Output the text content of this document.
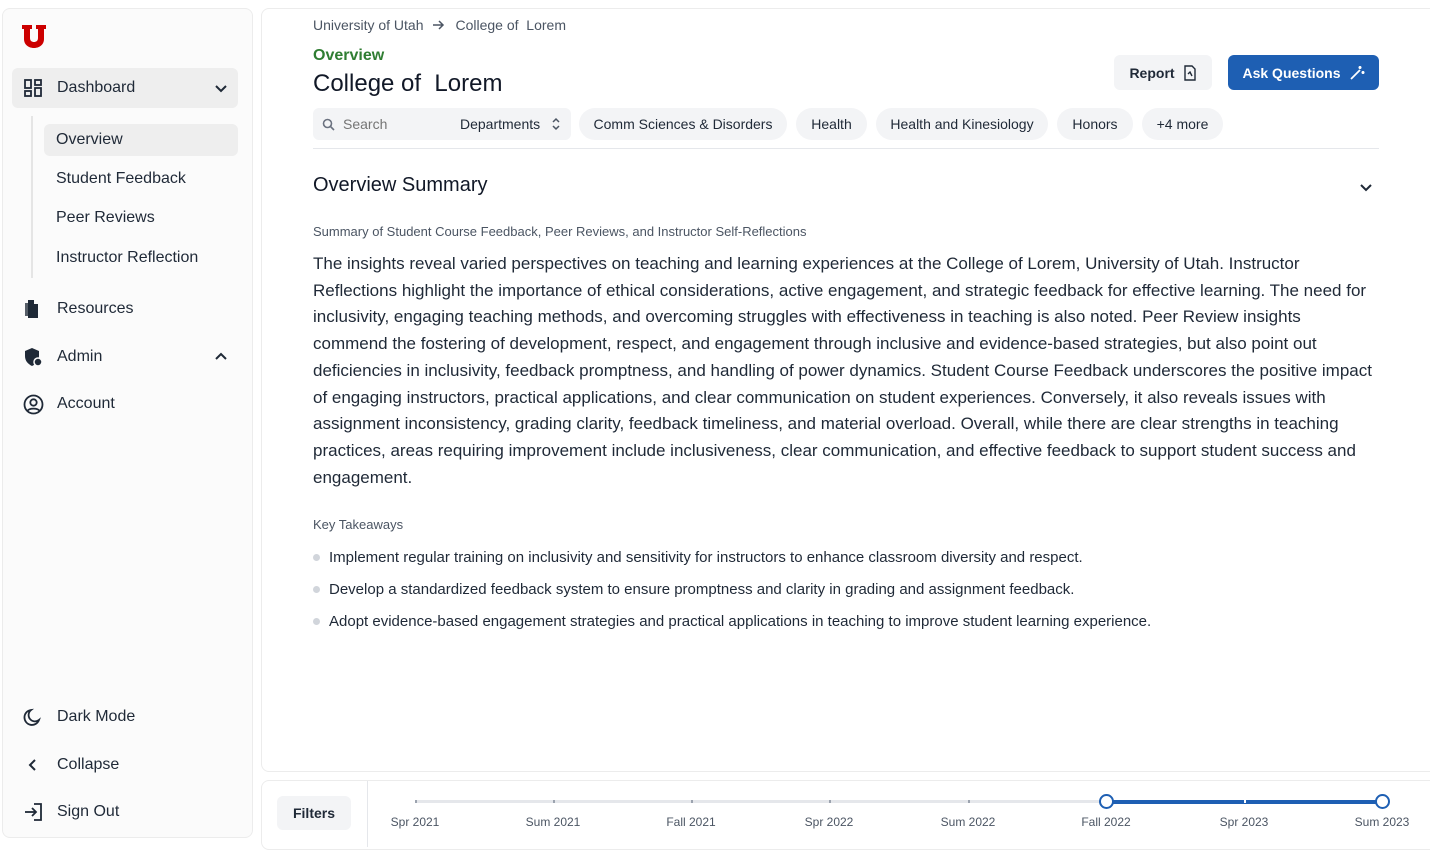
Dashboard
Overview
Student Feedback
Peer Reviews
Instructor Reflection
Resources
Admin
Account
Dark Mode
Collapse
Sign Out
University of Utah College of  Lorem
Overview
College of  Lorem	Report	Ask Questions
Search
Departments	Comm Sciences & Disorders	Health	Health and Kinesiology	Honors	+4 more
Overview Summary
Summary of Student Course Feedback, Peer Reviews, and Instructor Self-Reflections
The insights reveal varied perspectives on teaching and learning experiences at the College of Lorem, University of Utah. Instructor Reflections highlight the importance of ethical considerations, active engagement, and strategic feedback for effective learning. The need for inclusivity, engaging teaching methods, and overcoming struggles with effectiveness in teaching is also noted. Peer Review insights commend the fostering of development, respect, and engagement through inclusive and evidence-based strategies, but also point out deficiencies in inclusivity, feedback promptness, and handling of power dynamics. Student Course Feedback underscores the positive impact of engaging instructors, practical applications, and clear communication on student experiences. Conversely, it also reveals issues with assignment inconsistency, grading clarity, feedback timeliness, and material overload. Overall, while there are clear strengths in teaching practices, areas requiring improvement include inclusiveness, clear communication, and effective feedback to support student success and engagement.
Key Takeaways
Implement regular training on inclusivity and sensitivity for instructors to enhance classroom diversity and respect.
Develop a standardized feedback system to ensure promptness and clarity in grading and assignment feedback.
Adopt evidence-based engagement strategies and practical applications in teaching to improve student learning experience.
Filters
Spr 2021	Sum 2021	Fall 2021	Spr 2022	Sum 2022	Fall 2022	Spr 2023	Sum 2023
